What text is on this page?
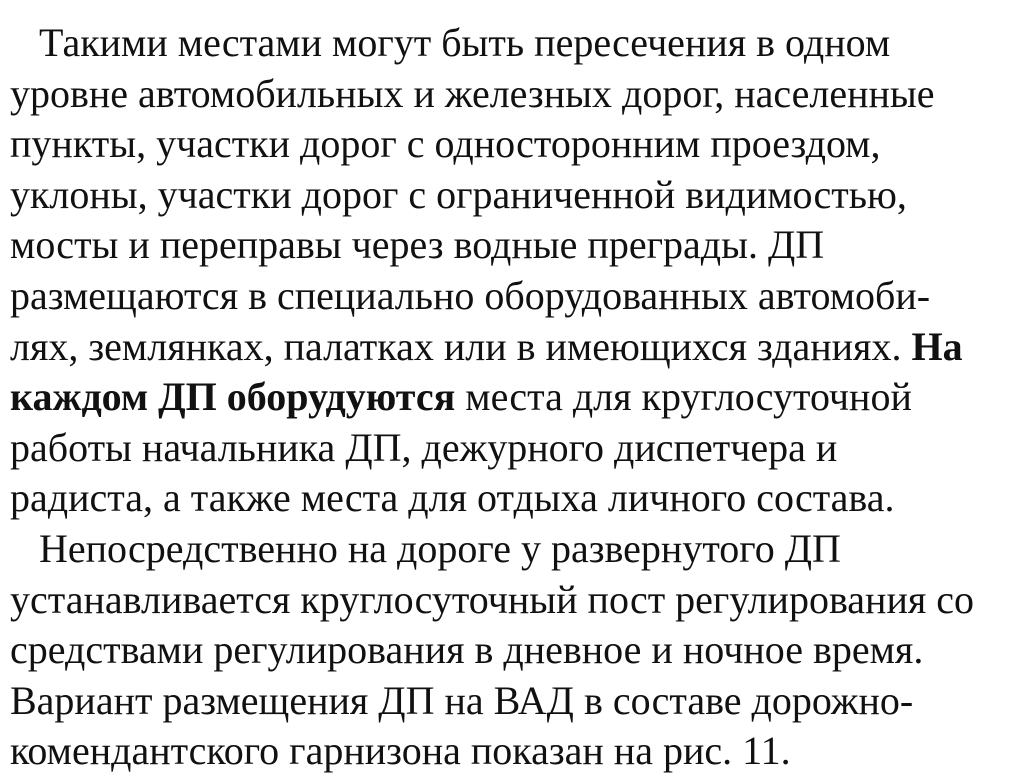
Такими местами могут быть пересечения в одном
уровне автомобильных и железных дорог, населенные
пункты, участки дорог с односторонним проездом,
уклоны, участки дорог с ограниченной видимостью,
мосты и переправы через водные преграды. ДП
размещаются в специально оборудованных автомоби-
лях, землянках, палатках или в имеющихся зданиях. На
каждом ДП оборудуются места для круглосуточной
работы начальника ДП, дежурного диспетчера и
радиста, а также места для отдыха личного состава.
Непосредственно на дороге у развернутого ДП
устанавливается круглосуточный пост регулирования со
средствами регулирования в дневное и ночное время.
Вариант размещения ДП на ВАД в составе дорожно-
комендантского гарнизона показан на рис. 11.
